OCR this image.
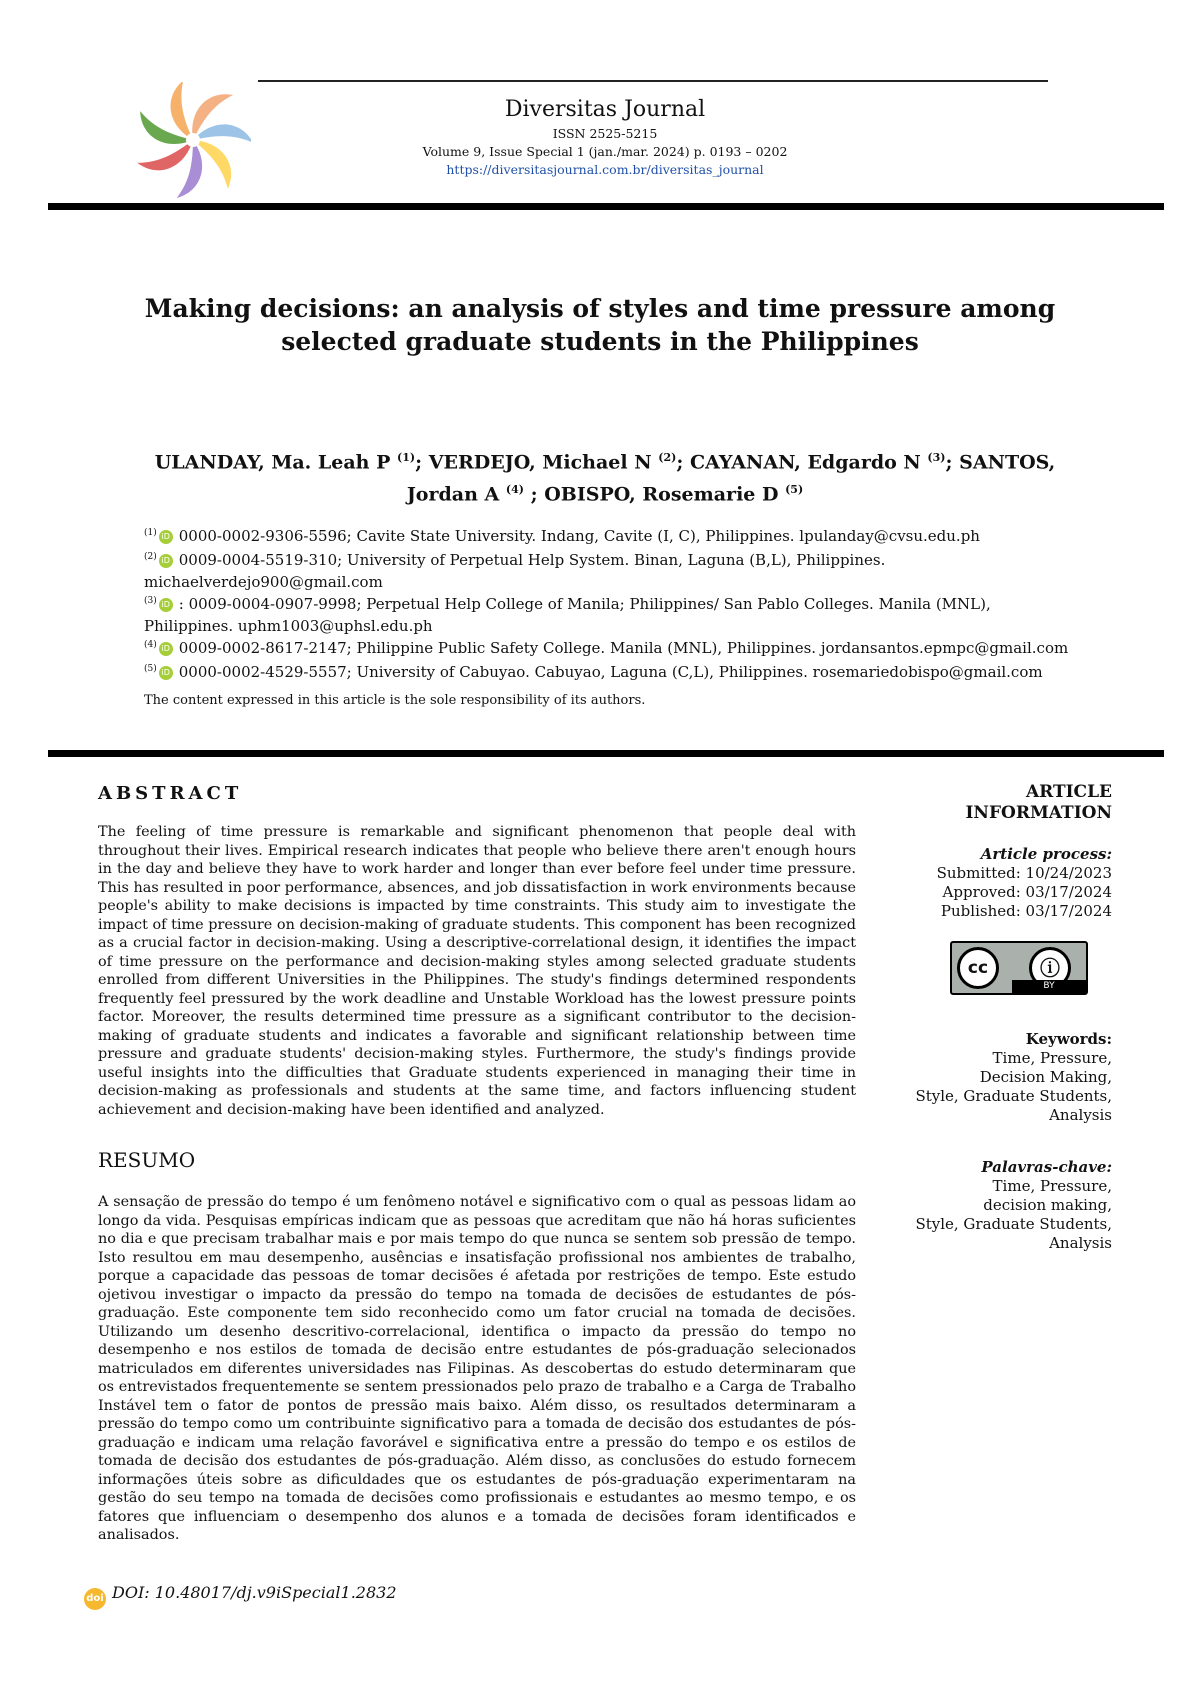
Diversitas Journal
ISSN 2525-5215
Volume 9, Issue Special 1 (jan./mar. 2024) p. 0193 – 0202
https://diversitasjournal.com.br/diversitas_journal
Making decisions: an analysis of styles and time pressure among selected graduate students in the Philippines
ULANDAY, Ma. Leah P $^{(1)}$; VERDEJO, Michael N $^{(2)}$; CAYANAN, Edgardo N $^{(3)}$; SANTOS, Jordan A $^{(4)}$ ; OBISPO, Rosemarie D $^{(5)}$
$^{(1)}$ iD 0000-0002-9306-5596; Cavite State University. Indang, Cavite (I, C), Philippines. lpulanday@cvsu.edu.ph
$^{(2)}$ iD 0009-0004-5519-310; University of Perpetual Help System. Binan, Laguna (B,L), Philippines. michaelverdejo900@gmail.com
$^{(3)}$ iD : 0009-0004-0907-9998; Perpetual Help College of Manila; Philippines/ San Pablo Colleges. Manila (MNL), Philippines. uphm1003@uphsl.edu.ph
$^{(4)}$ iD 0009-0002-8617-2147; Philippine Public Safety College. Manila (MNL), Philippines. jordansantos.epmpc@gmail.com
$^{(5)}$ iD 0000-0002-4529-5557; University of Cabuyao. Cabuyao, Laguna (C,L), Philippines. rosemariedobispo@gmail.com
The content expressed in this article is the sole responsibility of its authors.
ABSTRACT
The feeling of time pressure is remarkable and significant phenomenon that people deal with throughout their lives. Empirical research indicates that people who believe there aren't enough hours in the day and believe they have to work harder and longer than ever before feel under time pressure. This has resulted in poor performance, absences, and job dissatisfaction in work environments because people's ability to make decisions is impacted by time constraints. This study aim to investigate the impact of time pressure on decision-making of graduate students. This component has been recognized as a crucial factor in decision-making. Using a descriptive-correlational design, it identifies the impact of time pressure on the performance and decision-making styles among selected graduate students enrolled from different Universities in the Philippines. The study's findings determined respondents frequently feel pressured by the work deadline and Unstable Workload has the lowest pressure points factor. Moreover, the results determined time pressure as a significant contributor to the decision- making of graduate students and indicates a favorable and significant relationship between time pressure and graduate students' decision-making styles. Furthermore, the study's findings provide useful insights into the difficulties that Graduate students experienced in managing their time in decision-making as professionals and students at the same time, and factors influencing student achievement and decision-making have been identified and analyzed.
RESUMO
A sensação de pressão do tempo é um fenômeno notável e significativo com o qual as pessoas lidam ao longo da vida. Pesquisas empíricas indicam que as pessoas que acreditam que não há horas suficientes no dia e que precisam trabalhar mais e por mais tempo do que nunca se sentem sob pressão de tempo. Isto resultou em mau desempenho, ausências e insatisfação profissional nos ambientes de trabalho, porque a capacidade das pessoas de tomar decisões é afetada por restrições de tempo. Este estudo ojetivou investigar o impacto da pressão do tempo na tomada de decisões de estudantes de pós-graduação. Este componente tem sido reconhecido como um fator crucial na tomada de decisões. Utilizando um desenho descritivo-correlacional, identifica o impacto da pressão do tempo no desempenho e nos estilos de tomada de decisão entre estudantes de pós-graduação selecionados matriculados em diferentes universidades nas Filipinas. As descobertas do estudo determinaram que os entrevistados frequentemente se sentem pressionados pelo prazo de trabalho e a Carga de Trabalho Instável tem o fator de pontos de pressão mais baixo. Além disso, os resultados determinaram a pressão do tempo como um contribuinte significativo para a tomada de decisão dos estudantes de pós-graduação e indicam uma relação favorável e significativa entre a pressão do tempo e os estilos de tomada de decisão dos estudantes de pós-graduação. Além disso, as conclusões do estudo fornecem informações úteis sobre as dificuldades que os estudantes de pós-graduação experimentaram na gestão do seu tempo na tomada de decisões como profissionais e estudantes ao mesmo tempo, e os fatores que influenciam o desempenho dos alunos e a tomada de decisões foram identificados e analisados.
ARTICLE
INFORMATION
Article process:
Submitted: 10/24/2023
Approved: 03/17/2024
Published: 03/17/2024
cc	ⓘ
BY
Keywords:
Time, Pressure,
Decision Making,
Style, Graduate Students,
Analysis
Palavras-chave:
Time, Pressure,
decision making,
Style, Graduate Students,
Analysis
doi DOI: 10.48017/dj.v9iSpecial1.2832
